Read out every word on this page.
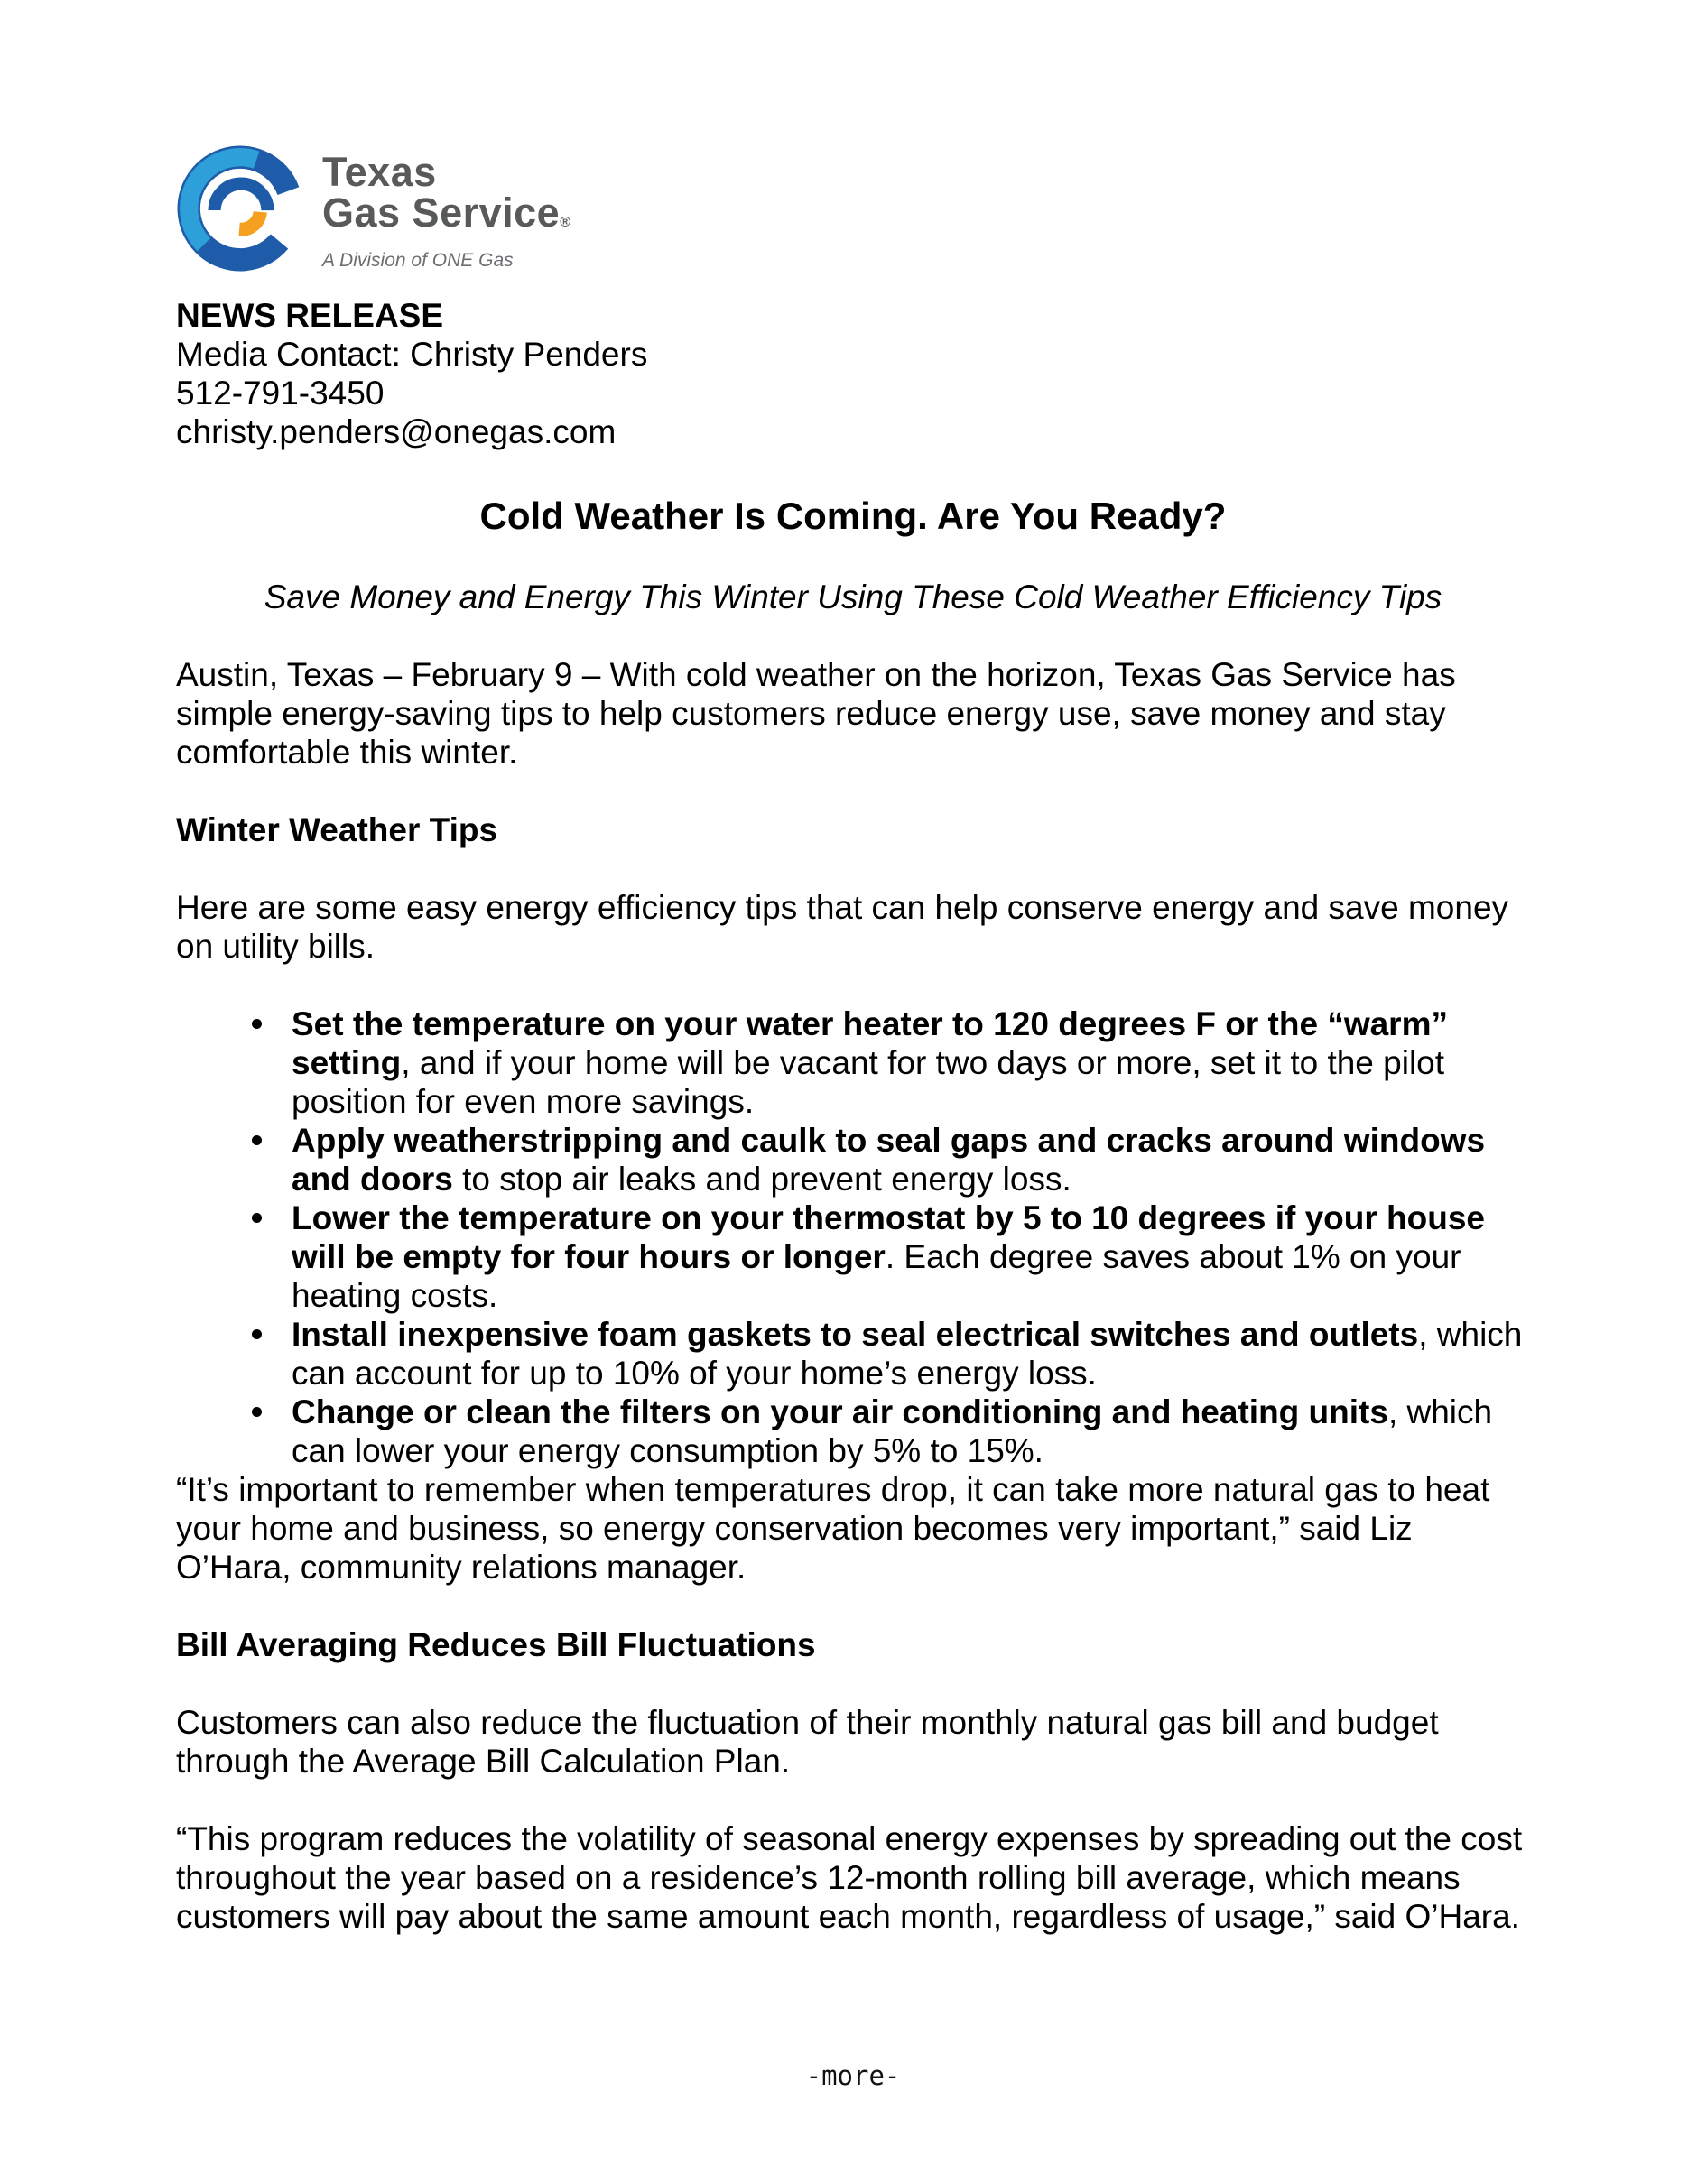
Texas
Gas Service®
A Division of ONE Gas
NEWS RELEASE
Media Contact: Christy Penders
512-791-3450
christy.penders@onegas.com
Cold Weather Is Coming. Are You Ready?
Save Money and Energy This Winter Using These Cold Weather Efficiency Tips

Austin, Texas – February 9 – With cold weather on the horizon, Texas Gas Service has simple energy-saving tips to help customers reduce energy use, save money and stay comfortable this winter.

Winter Weather Tips

Here are some easy energy efficiency tips that can help conserve energy and save money on utility bills.

Set the temperature on your water heater to 120 degrees F or the “warm” setting, and if your home will be vacant for two days or more, set it to the pilot position for even more savings.
Apply weatherstripping and caulk to seal gaps and cracks around windows and doors to stop air leaks and prevent energy loss.
Lower the temperature on your thermostat by 5 to 10 degrees if your house will be empty for four hours or longer. Each degree saves about 1% on your heating costs.
Install inexpensive foam gaskets to seal electrical switches and outlets, which can account for up to 10% of your home’s energy loss.
Change or clean the filters on your air conditioning and heating units, which can lower your energy consumption by 5% to 15%.

“It’s important to remember when temperatures drop, it can take more natural gas to heat your home and business, so energy conservation becomes very important,” said Liz O’Hara, community relations manager.

Bill Averaging Reduces Bill Fluctuations

Customers can also reduce the fluctuation of their monthly natural gas bill and budget through the Average Bill Calculation Plan.

“This program reduces the volatility of seasonal energy expenses by spreading out the cost throughout the year based on a residence’s 12-month rolling bill average, which means customers will pay about the same amount each month, regardless of usage,” said O’Hara.

-more-
